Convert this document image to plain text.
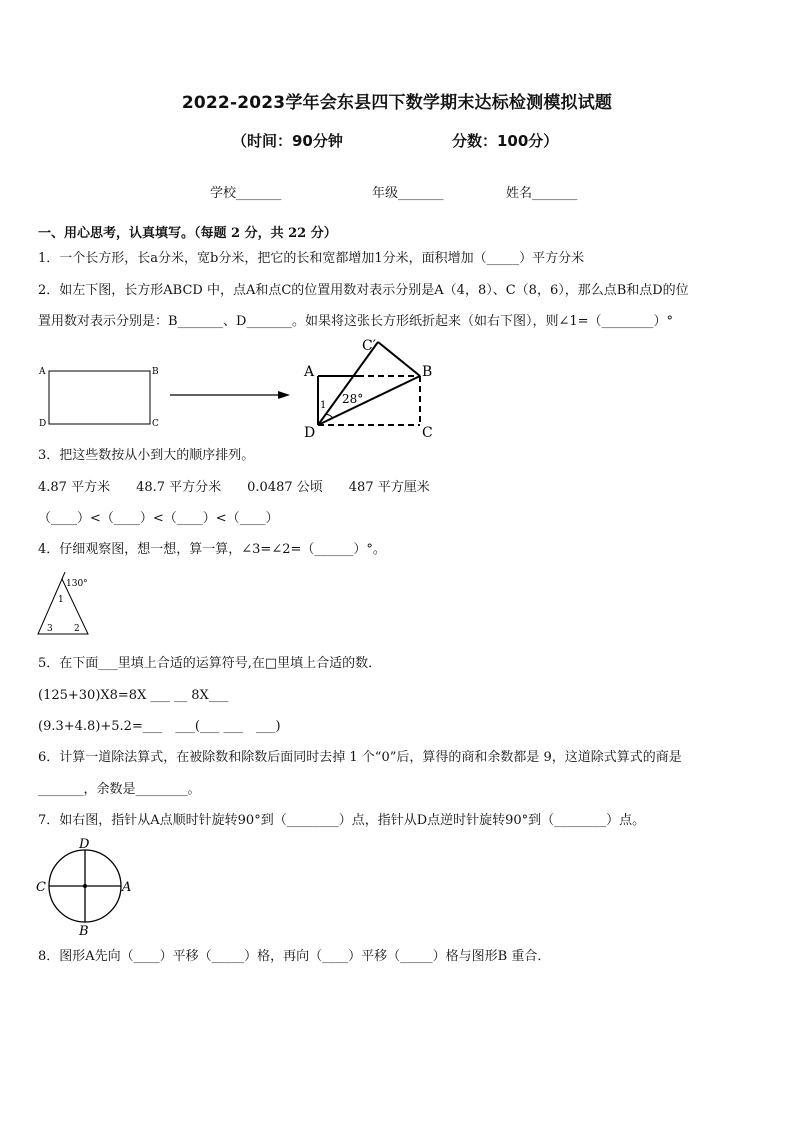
2022-2023学年会东县四下数学期末达标检测模拟试题
（时间：90分钟	分数：100分）
学校_______	年级_______	姓名_______
一、用心思考，认真填写。（每题 2 分，共 22 分）
1．一个长方形，长a分米，宽b分米，把它的长和宽都增加1分米，面积增加（_____）平方分米
2．如左下图，长方形ABCD 中，点A和点C的位置用数对表示分别是A（4，8）、C（8，6），那么点B和点D的位
置用数对表示分别是：B_______、D_______。如果将这张长方形纸折起来（如右下图），则∠1=（________）°
A	B
D	C
A	B
D	C
C′
28°
1
3．把这些数按从小到大的顺序排列。
4.87 平方米　　48.7 平方分米　　0.0487 公顷　　487 平方厘米
（____）<（____）<（____）<（____）
4．仔细观察图，想一想，算一算，∠3=∠2=（______）°。
130°
1
3 2
5．在下面___里填上合适的运算符号,在□里填上合适的数．
(125+30)X8=8X ___ __ 8X___
(9.3+4.8)+5.2=___　___(___ ___　___)
6．计算一道除法算式，在被除数和除数后面同时去掉 1 个“0”后，算得的商和余数都是 9，这道除式算式的商是
_______，余数是________。
7．如右图，指针从A点顺时针旋转90°到（________）点，指针从D点逆时针旋转90°到（________）点。
D
B
C	A
8．图形A先向（____）平移（_____）格，再向（____）平移（_____）格与图形B 重合．
